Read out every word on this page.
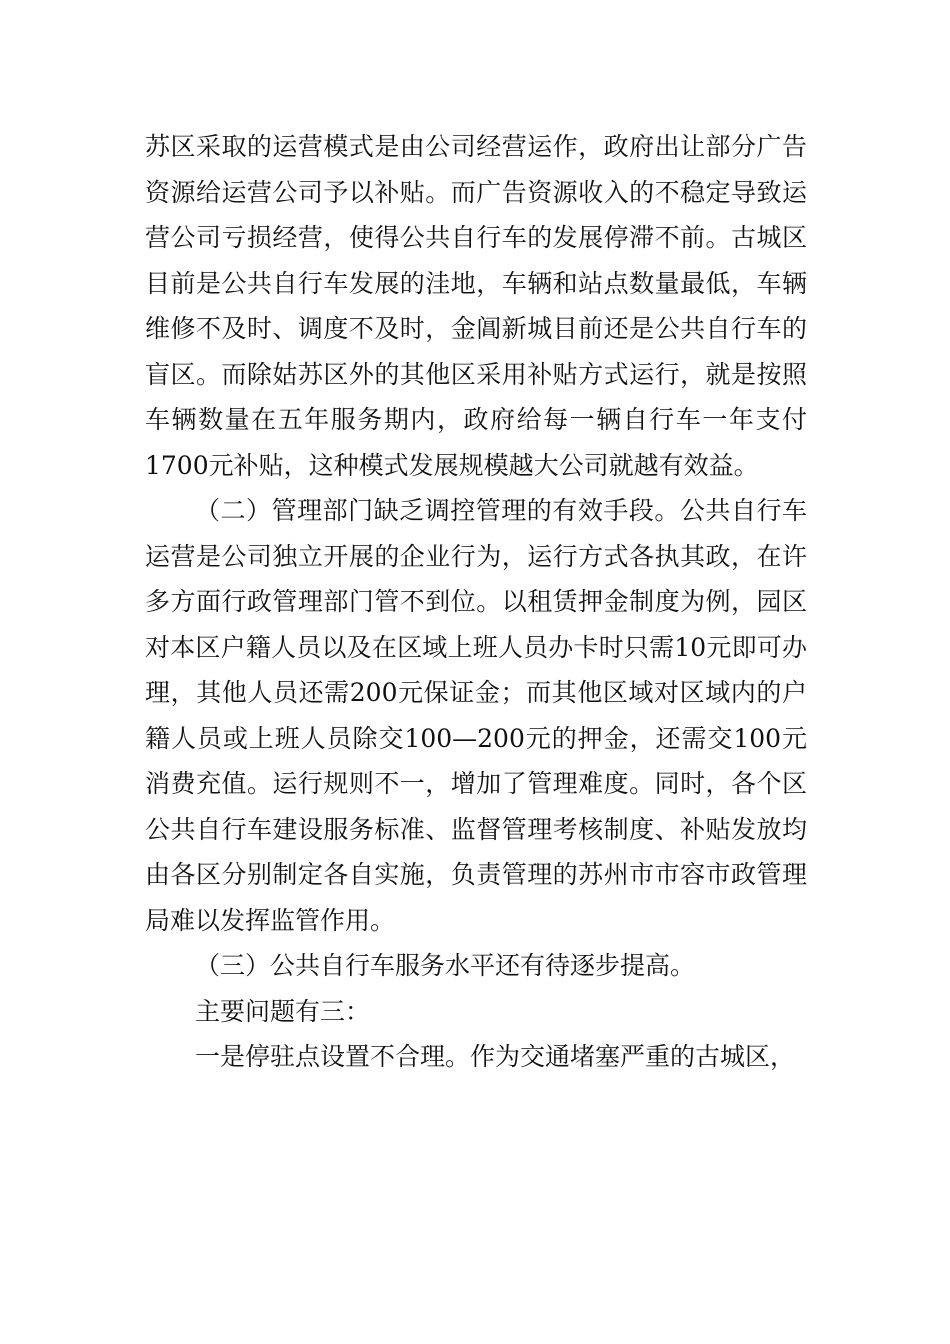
苏区采取的运营模式是由公司经营运作，政府出让部分广告资源给运营公司予以补贴。而广告资源收入的不稳定导致运营公司亏损经营，使得公共自行车的发展停滞不前。古城区目前是公共自行车发展的洼地，车辆和站点数量最低，车辆维修不及时、调度不及时，金阊新城目前还是公共自行车的盲区。而除姑苏区外的其他区采用补贴方式运行，就是按照车辆数量在五年服务期内，政府给每一辆自行车一年支付1700元补贴，这种模式发展规模越大公司就越有效益。

（二）管理部门缺乏调控管理的有效手段。公共自行车运营是公司独立开展的企业行为，运行方式各执其政，在许多方面行政管理部门管不到位。以租赁押金制度为例，园区对本区户籍人员以及在区域上班人员办卡时只需10元即可办理，其他人员还需200元保证金；而其他区域对区域内的户籍人员或上班人员除交100—200元的押金，还需交100元消费充值。运行规则不一，增加了管理难度。同时，各个区公共自行车建设服务标准、监督管理考核制度、补贴发放均由各区分别制定各自实施，负责管理的苏州市市容市政管理局难以发挥监管作用。

（三）公共自行车服务水平还有待逐步提高。

主要问题有三：

一是停驻点设置不合理。作为交通堵塞严重的古城区，
